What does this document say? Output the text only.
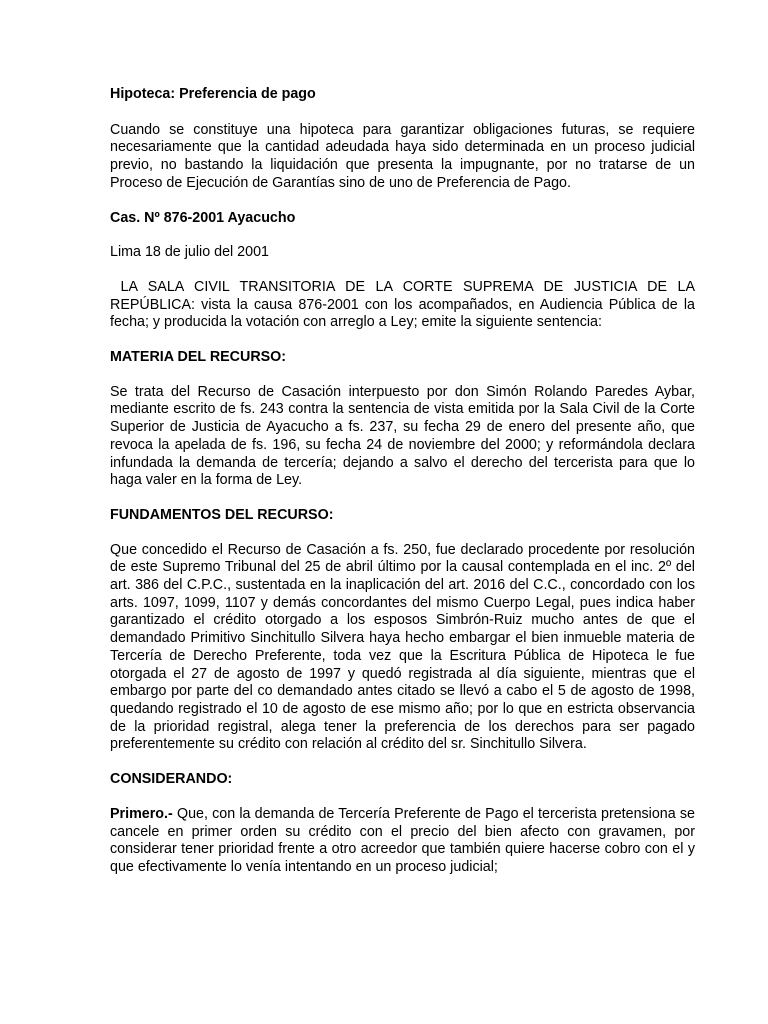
Hipoteca: Preferencia de pago

Cuando se constituye una hipoteca para garantizar obligaciones futuras, se requiere necesariamente que la cantidad adeudada haya sido determinada en un proceso judicial previo, no bastando la liquidación que presenta la impugnante, por no tratarse de un Proceso de Ejecución de Garantías sino de uno de Preferencia de Pago.

Cas. Nº 876-2001 Ayacucho

Lima 18 de julio del 2001

LA SALA CIVIL TRANSITORIA DE LA CORTE SUPREMA DE JUSTICIA DE LA REPÚBLICA: vista la causa 876-2001 con los acompañados, en Audiencia Pública de la fecha; y producida la votación con arreglo a Ley; emite la siguiente sentencia:

MATERIA DEL RECURSO:

Se trata del Recurso de Casación interpuesto por don Simón Rolando Paredes Aybar, mediante escrito de fs. 243 contra la sentencia de vista emitida por la Sala Civil de la Corte Superior de Justicia de Ayacucho a fs. 237, su fecha 29 de enero del presente año, que revoca la apelada de fs. 196, su fecha 24 de noviembre del 2000; y reformándola declara infundada la demanda de tercería; dejando a salvo el derecho del tercerista para que lo haga valer en la forma de Ley.

FUNDAMENTOS DEL RECURSO:

Que concedido el Recurso de Casación a fs. 250, fue declarado procedente por resolución de este Supremo Tribunal del 25 de abril último por la causal contemplada en el inc. 2º del art. 386 del C.P.C., sustentada en la inaplicación del art. 2016 del C.C., concordado con los arts. 1097, 1099, 1107 y demás concordantes del mismo Cuerpo Legal, pues indica haber garantizado el crédito otorgado a los esposos Simbrón-Ruiz mucho antes de que el demandado Primitivo Sinchitullo Silvera haya hecho embargar el bien inmueble materia de Tercería de Derecho Preferente, toda vez que la Escritura Pública de Hipoteca le fue otorgada el 27 de agosto de 1997 y quedó registrada al día siguiente, mientras que el embargo por parte del co demandado antes citado se llevó a cabo el 5 de agosto de 1998, quedando registrado el 10 de agosto de ese mismo año; por lo que en estricta observancia de la prioridad registral, alega tener la preferencia de los derechos para ser pagado preferentemente su crédito con relación al crédito del sr. Sinchitullo Silvera.

CONSIDERANDO:

Primero.- Que, con la demanda de Tercería Preferente de Pago el tercerista pretensiona se cancele en primer orden su crédito con el precio del bien afecto con gravamen, por considerar tener prioridad frente a otro acreedor que también quiere hacerse cobro con el y que efectivamente lo venía intentando en un proceso judicial;
